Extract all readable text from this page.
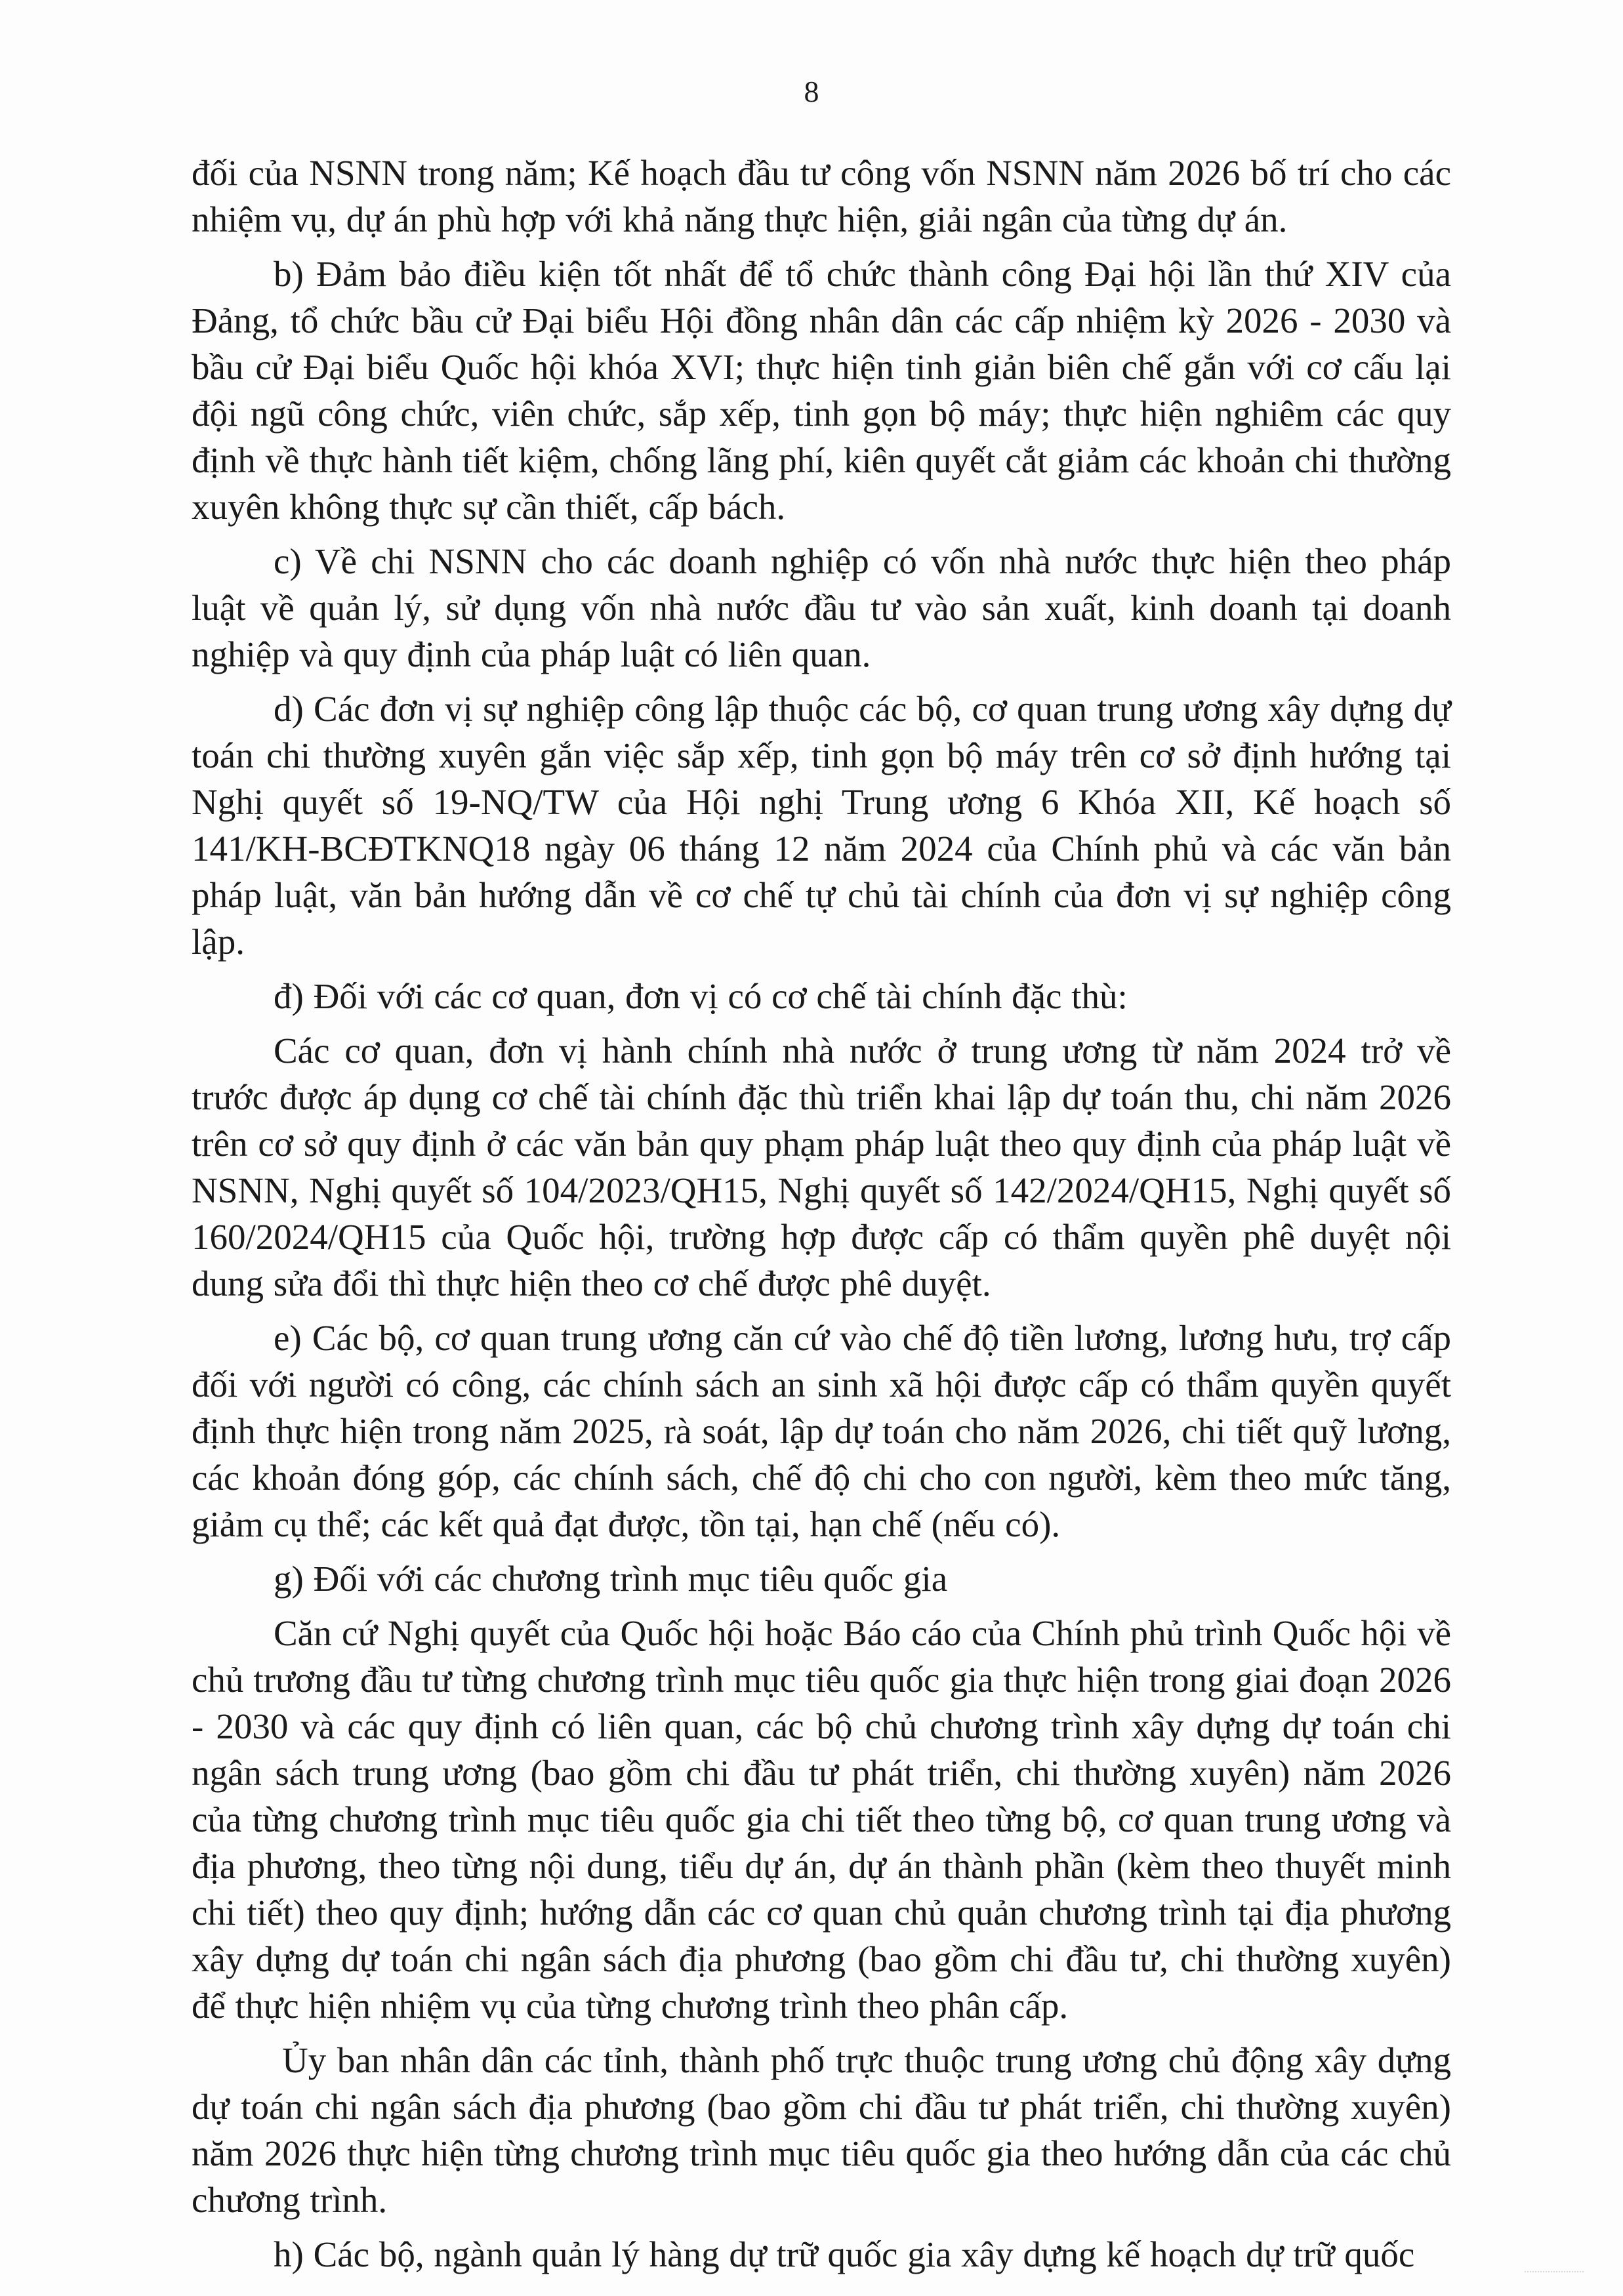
8

đối của NSNN trong năm; Kế hoạch đầu tư công vốn NSNN năm 2026 bố trí cho các nhiệm vụ, dự án phù hợp với khả năng thực hiện, giải ngân của từng dự án.

b) Đảm bảo điều kiện tốt nhất để tổ chức thành công Đại hội lần thứ XIV của Đảng, tổ chức bầu cử Đại biểu Hội đồng nhân dân các cấp nhiệm kỳ 2026 - 2030 và bầu cử Đại biểu Quốc hội khóa XVI; thực hiện tinh giản biên chế gắn với cơ cấu lại đội ngũ công chức, viên chức, sắp xếp, tinh gọn bộ máy; thực hiện nghiêm các quy định về thực hành tiết kiệm, chống lãng phí, kiên quyết cắt giảm các khoản chi thường xuyên không thực sự cần thiết, cấp bách.

c) Về chi NSNN cho các doanh nghiệp có vốn nhà nước thực hiện theo pháp luật về quản lý, sử dụng vốn nhà nước đầu tư vào sản xuất, kinh doanh tại doanh nghiệp và quy định của pháp luật có liên quan.

d) Các đơn vị sự nghiệp công lập thuộc các bộ, cơ quan trung ương xây dựng dự toán chi thường xuyên gắn việc sắp xếp, tinh gọn bộ máy trên cơ sở định hướng tại Nghị quyết số 19-NQ/TW của Hội nghị Trung ương 6 Khóa XII, Kế hoạch số 141/KH-BCĐTKNQ18 ngày 06 tháng 12 năm 2024 của Chính phủ và các văn bản pháp luật, văn bản hướng dẫn về cơ chế tự chủ tài chính của đơn vị sự nghiệp công lập.

đ) Đối với các cơ quan, đơn vị có cơ chế tài chính đặc thù:

Các cơ quan, đơn vị hành chính nhà nước ở trung ương từ năm 2024 trở về trước được áp dụng cơ chế tài chính đặc thù triển khai lập dự toán thu, chi năm 2026 trên cơ sở quy định ở các văn bản quy phạm pháp luật theo quy định của pháp luật về NSNN, Nghị quyết số 104/2023/QH15, Nghị quyết số 142/2024/QH15, Nghị quyết số 160/2024/QH15 của Quốc hội, trường hợp được cấp có thẩm quyền phê duyệt nội dung sửa đổi thì thực hiện theo cơ chế được phê duyệt.

e) Các bộ, cơ quan trung ương căn cứ vào chế độ tiền lương, lương hưu, trợ cấp đối với người có công, các chính sách an sinh xã hội được cấp có thẩm quyền quyết định thực hiện trong năm 2025, rà soát, lập dự toán cho năm 2026, chi tiết quỹ lương, các khoản đóng góp, các chính sách, chế độ chi cho con người, kèm theo mức tăng, giảm cụ thể; các kết quả đạt được, tồn tại, hạn chế (nếu có).

g) Đối với các chương trình mục tiêu quốc gia

Căn cứ Nghị quyết của Quốc hội hoặc Báo cáo của Chính phủ trình Quốc hội về chủ trương đầu tư từng chương trình mục tiêu quốc gia thực hiện trong giai đoạn 2026 - 2030 và các quy định có liên quan, các bộ chủ chương trình xây dựng dự toán chi ngân sách trung ương (bao gồm chi đầu tư phát triển, chi thường xuyên) năm 2026 của từng chương trình mục tiêu quốc gia chi tiết theo từng bộ, cơ quan trung ương và địa phương, theo từng nội dung, tiểu dự án, dự án thành phần (kèm theo thuyết minh chi tiết) theo quy định; hướng dẫn các cơ quan chủ quản chương trình tại địa phương xây dựng dự toán chi ngân sách địa phương (bao gồm chi đầu tư, chi thường xuyên) để thực hiện nhiệm vụ của từng chương trình theo phân cấp.

Ủy ban nhân dân các tỉnh, thành phố trực thuộc trung ương chủ động xây dựng dự toán chi ngân sách địa phương (bao gồm chi đầu tư phát triển, chi thường xuyên) năm 2026 thực hiện từng chương trình mục tiêu quốc gia theo hướng dẫn của các chủ chương trình.

h) Các bộ, ngành quản lý hàng dự trữ quốc gia xây dựng kế hoạch dự trữ quốc
